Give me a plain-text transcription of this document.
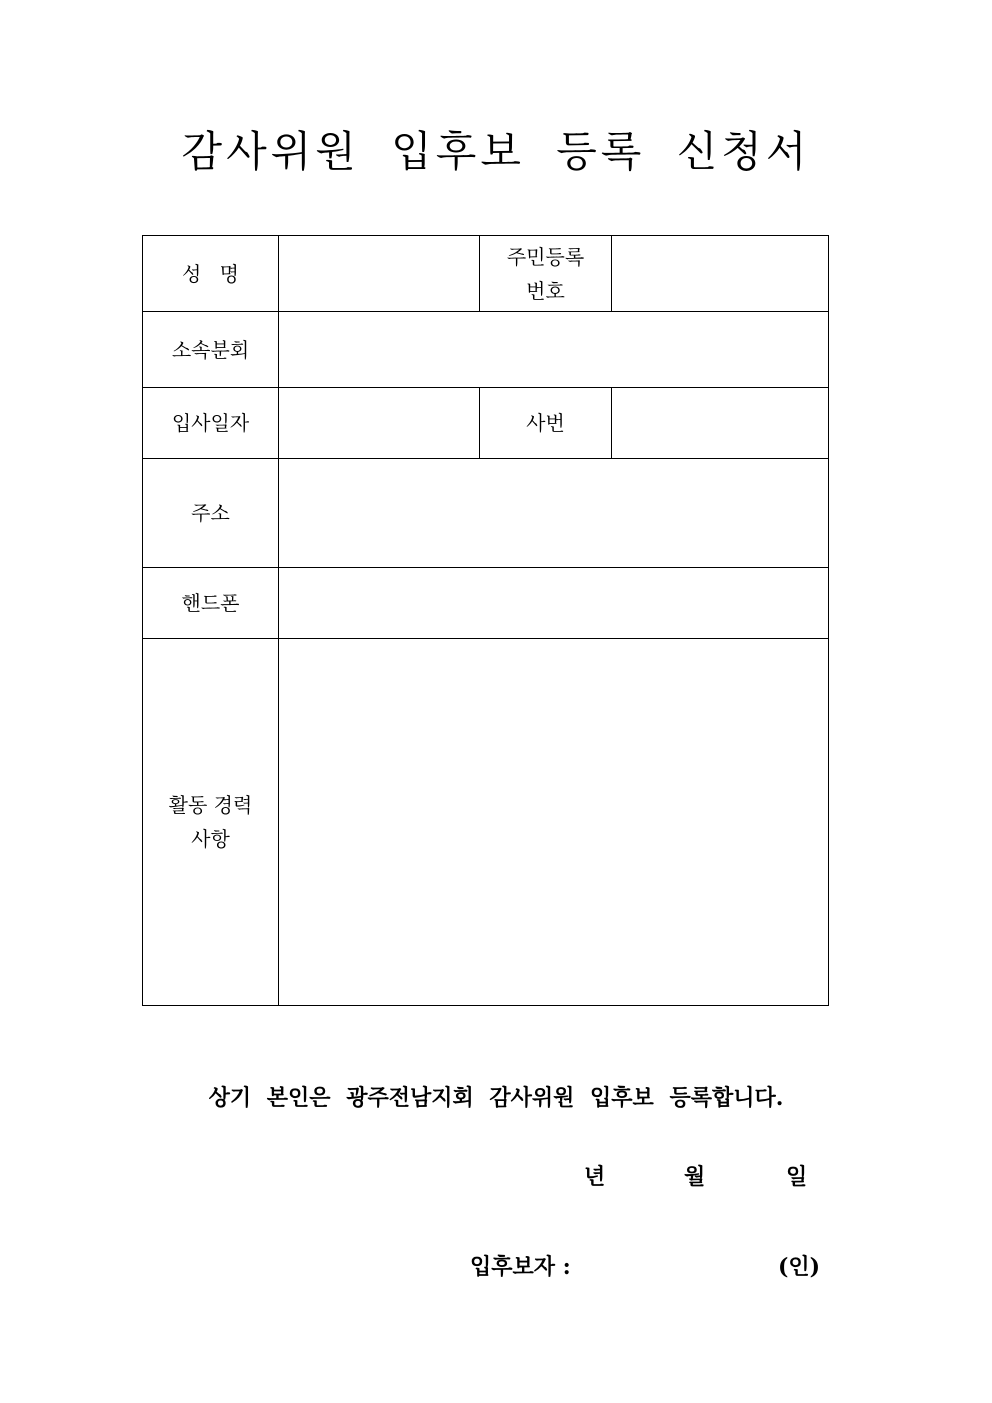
감사위원 입후보 등록 신청서
성 명		주민등록
번호	
소속분회			
입사일자		사번	
주소			
핸드폰			
활동 경력
사항			
상기 본인은 광주전남지회 감사위원 입후보 등록합니다.
년	월	일
입후보자 :	(인)
